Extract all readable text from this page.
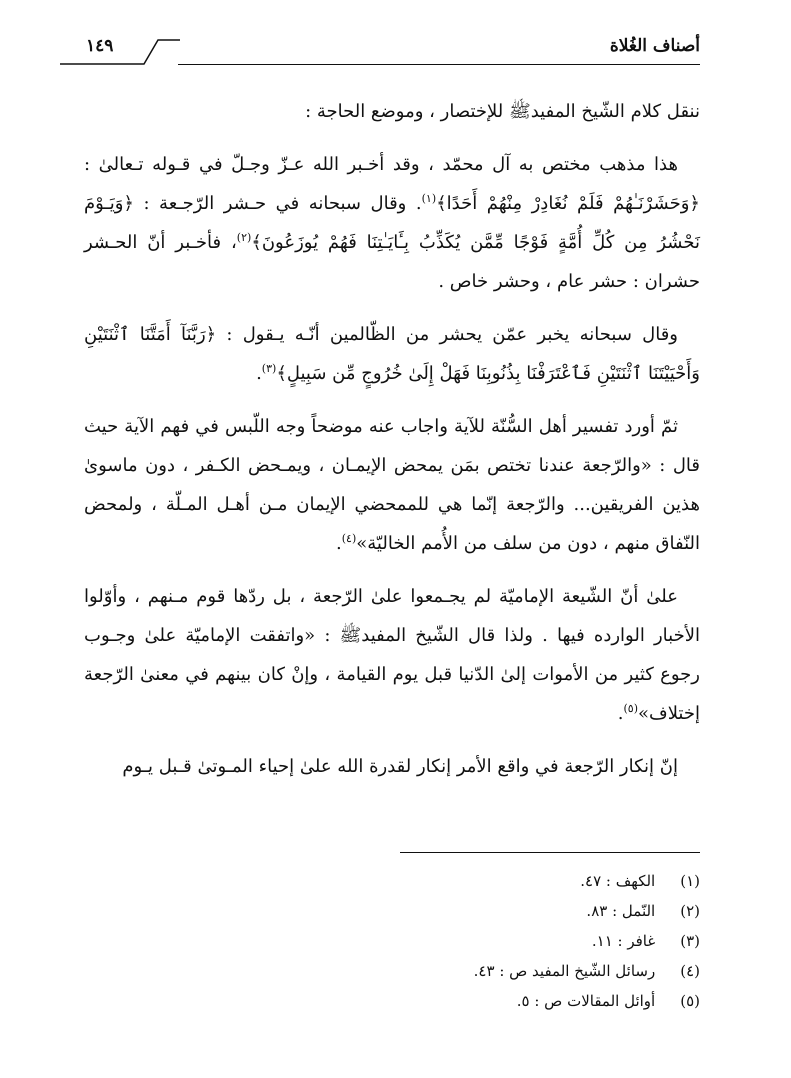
أصناف الغُلاة
١٤٩

ننقل كلام الشّيخ المفيدﷺ للإختصار ، وموضع الحاجة :

هذا مذهب مختص به آل محمّد ، وقد أخـبر الله عـزّ وجـلّ في قـوله تـعالىٰ : ﴿وَحَشَرْنَـٰهُمْ فَلَمْ نُغَادِرْ مِنْهُمْ أَحَدًا﴾$^{(١)}$. وقال سبحانه في حـشر الرّجـعة : ﴿وَيَـوْمَ نَحْشُرُ مِن كُلِّ أُمَّةٍ فَوْجًا مِّمَّن يُكَذِّبُ بِـَٔايَـٰتِنَا فَهُمْ يُوزَعُونَ﴾$^{(٢)}$، فأخـبر أنّ الحـشر حشران : حشر عام ، وحشر خاص .

وقال سبحانه يخبر عمّن يحشر من الظّالمين أنّـه يـقول : ﴿رَبَّنَآ أَمَتَّنَا ٱثْنَتَيْنِ وَأَحْيَيْتَنَا ٱثْنَتَيْنِ فَٱعْتَرَفْنَا بِذُنُوبِنَا فَهَلْ إِلَىٰ خُرُوجٍ مِّن سَبِيلٍ﴾$^{(٣)}$.

ثمّ أورد تفسير أهل السُّنّة للآية واجاب عنه موضحاً وجه اللّبس في فهم الآية حيث قال : «والرّجعة عندنا تختص بمَن يمحض الإيمـان ، ويمـحض الكـفر ، دون ماسوىٰ هذين الفريقين... والرّجعة إنّما هي للممحضي الإيمان مـن أهـل المـلّة ، ولمحض النّفاق منهم ، دون من سلف من الأُمم الخاليّة»$^{(٤)}$.

علىٰ أنّ الشّيعة الإماميّة لم يجـمعوا علىٰ الرّجعة ، بل ردّها قوم مـنهم ، وأوّلوا الأخبار الوارده فيها . ولذا قال الشّيخ المفيدﷺ : «واتفقت الإماميّة علىٰ وجـوب رجوع كثير من الأموات إلىٰ الدّنيا قبل يوم القيامة ، وإنْ كان بينهم في معنىٰ الرّجعة إختلاف»$^{(٥)}$.

إنّ إنكار الرّجعة في واقع الأمر إنكار لقدرة الله علىٰ إحياء المـوتىٰ قـبل يـوم

(١) الكهف : ٤٧.
(٢) النّمل : ٨٣.
(٣) غافر : ١١.
(٤) رسائل الشّيخ المفيد ص : ٤٣.
(٥) أوائل المقالات ص : ٥.
